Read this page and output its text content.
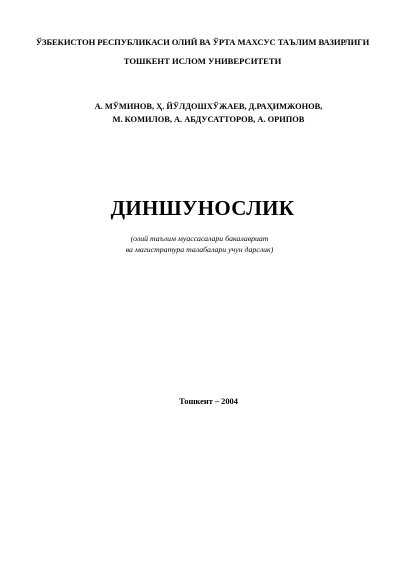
ЎЗБЕКИСТОН РЕСПУБЛИКАСИ ОЛИЙ ВА ЎРТА МАХСУС ТАЪЛИМ ВАЗИРЛИГИ
ТОШКЕНТ ИСЛОМ УНИВЕРСИТЕТИ
А. МЎМИНОВ, Ҳ. ЙЎЛДОШХЎЖАЕВ, Д.РАҲИМЖОНОВ,
М. КОМИЛОВ, А. АБДУСАТТОРОВ, А. ОРИПОВ
ДИНШУНОСЛИК
(олий таълим муассасалари бакалавриат
ва магистратура талабалари учун дарслик)
Тошкент – 2004
